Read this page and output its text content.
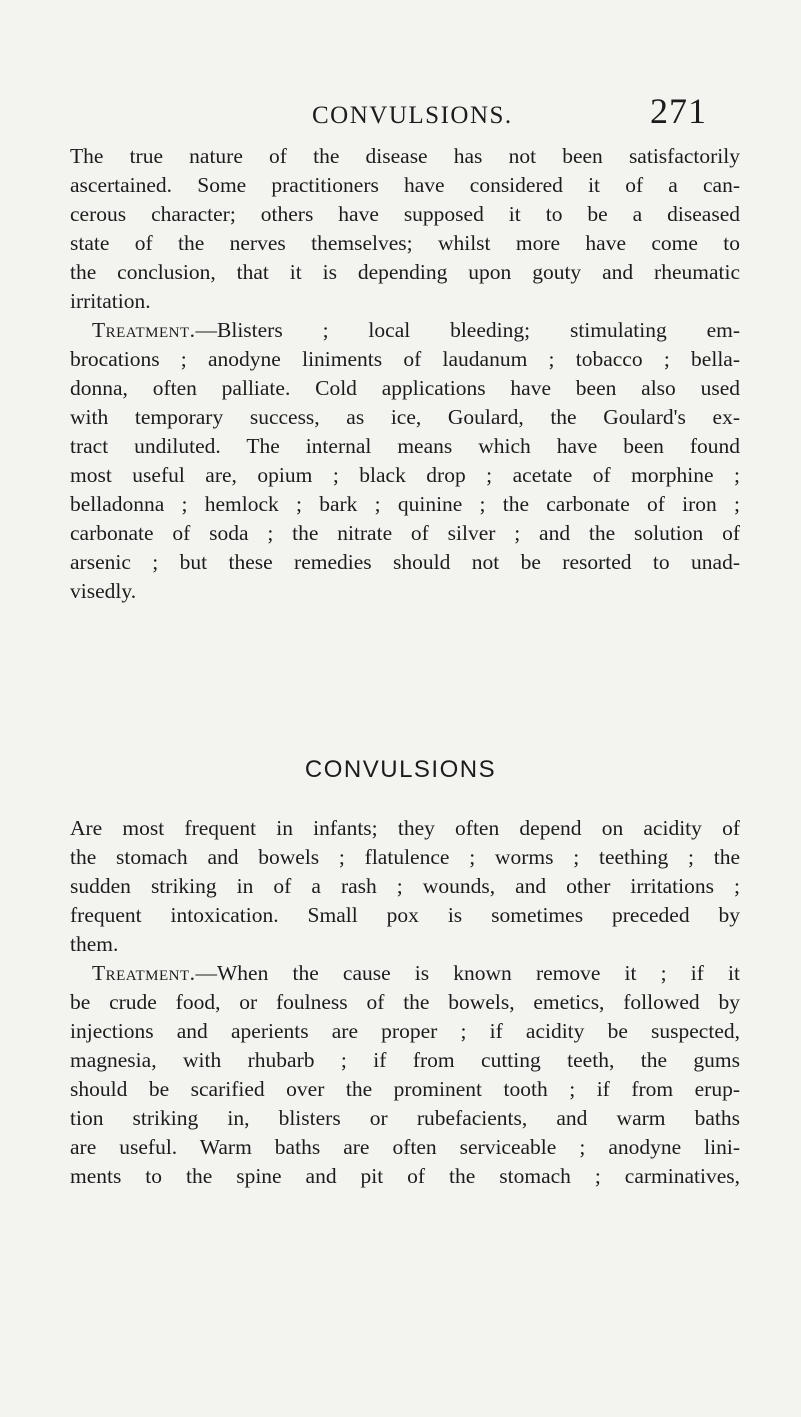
CONVULSIONS.	271
The true nature of the disease has not been satisfactorily
ascertained. Some practitioners have considered it of a can-
cerous character; others have supposed it to be a diseased
state of the nerves themselves; whilst more have come to
the conclusion, that it is depending upon gouty and rheumatic
irritation.
Treatment.—Blisters ; local bleeding; stimulating em-
brocations ; anodyne liniments of laudanum ; tobacco ; bella-
donna, often palliate. Cold applications have been also used
with temporary success, as ice, Goulard, the Goulard's ex-
tract undiluted. The internal means which have been found
most useful are, opium ; black drop ; acetate of morphine ;
belladonna ; hemlock ; bark ; quinine ; the carbonate of iron ;
carbonate of soda ; the nitrate of silver ; and the solution of
arsenic ; but these remedies should not be resorted to unad-
visedly.
CONVULSIONS
Are most frequent in infants; they often depend on acidity of
the stomach and bowels ; flatulence ; worms ; teething ; the
sudden striking in of a rash ; wounds, and other irritations ;
frequent intoxication. Small pox is sometimes preceded by
them.
Treatment.—When the cause is known remove it ; if it
be crude food, or foulness of the bowels, emetics, followed by
injections and aperients are proper ; if acidity be suspected,
magnesia, with rhubarb ; if from cutting teeth, the gums
should be scarified over the prominent tooth ; if from erup-
tion striking in, blisters or rubefacients, and warm baths
are useful. Warm baths are often serviceable ; anodyne lini-
ments to the spine and pit of the stomach ; carminatives,
